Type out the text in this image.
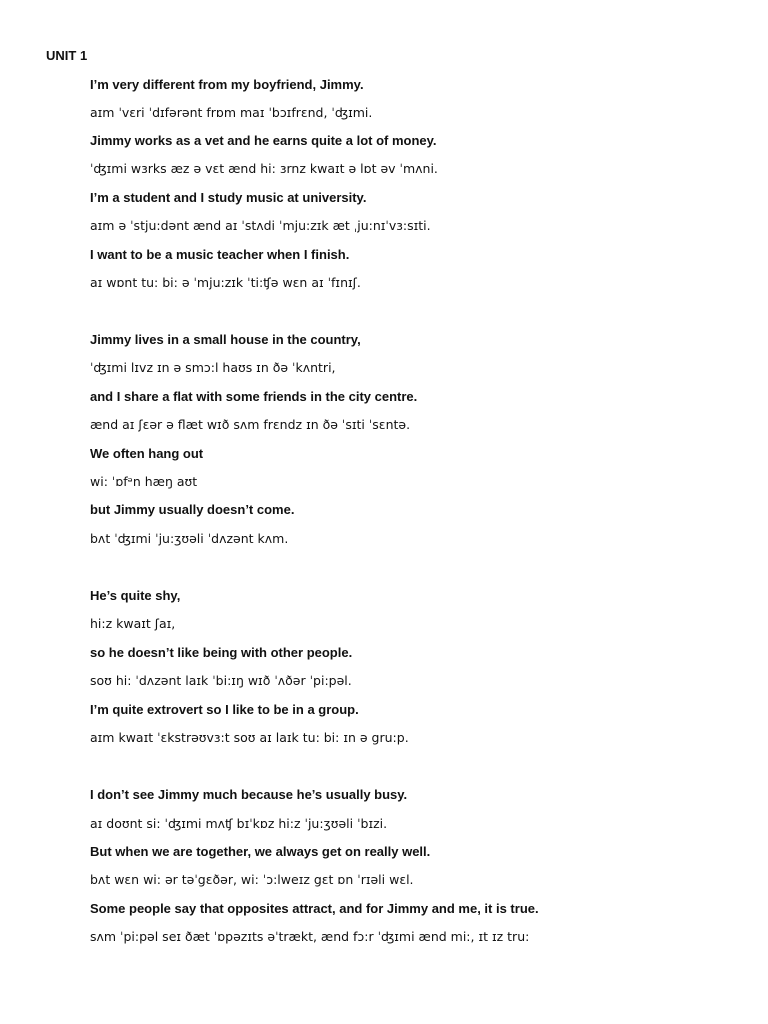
UNIT 1
I’m very different from my boyfriend, Jimmy.
aɪm ˈvɛri ˈdɪfərənt frɒm maɪ ˈbɔɪfrɛnd, ˈʤɪmi.
Jimmy works as a vet and he earns quite a lot of money.
ˈʤɪmi wɜrks æz ə vɛt ænd hi: ɜrnz kwaɪt ə lɒt əv ˈmʌni.
I’m a student and I study music at university.
aɪm ə ˈstju:dənt ænd aɪ ˈstʌdi ˈmju:zɪk æt ˌju:nɪˈvɜ:sɪti.
I want to be a music teacher when I finish.
aɪ wɒnt tu: bi: ə ˈmju:zɪk ˈti:ʧə wɛn aɪ ˈfɪnɪʃ.
Jimmy lives in a small house in the country,
ˈʤɪmi lɪvz ɪn ə smɔ:l haʊs ɪn ðə ˈkʌntri,
and I share a flat with some friends in the city centre.
ænd aɪ ʃɛər ə flæt wɪð sʌm frɛndz ɪn ðə ˈsɪti ˈsɛntə.
We often hang out
wi: ˈɒfᵊn hæŋ aʊt
but Jimmy usually doesn’t come.
bʌt ˈʤɪmi ˈju:ʒʊəli ˈdʌzənt kʌm.
He’s quite shy,
hi:z kwaɪt ʃaɪ,
so he doesn’t like being with other people.
soʊ hi: ˈdʌzənt laɪk ˈbi:ɪŋ wɪð ˈʌðər ˈpi:pəl.
I’m quite extrovert so I like to be in a group.
aɪm kwaɪt ˈɛkstrəʊvɜ:t soʊ aɪ laɪk tu: bi: ɪn ə gru:p.
I don’t see Jimmy much because he’s usually busy.
aɪ doʊnt si: ˈʤɪmi mʌʧ bɪˈkɒz hi:z ˈju:ʒʊəli ˈbɪzi.
But when we are together, we always get on really well.
bʌt wɛn wi: ər təˈgɛðər, wi: ˈɔ:lweɪz gɛt ɒn ˈrɪəli wɛl.
Some people say that opposites attract, and for Jimmy and me, it is true.
sʌm ˈpi:pəl seɪ ðæt ˈɒpəzɪts əˈtrækt, ænd fɔ:r ˈʤɪmi ænd mi:, ɪt ɪz tru:
